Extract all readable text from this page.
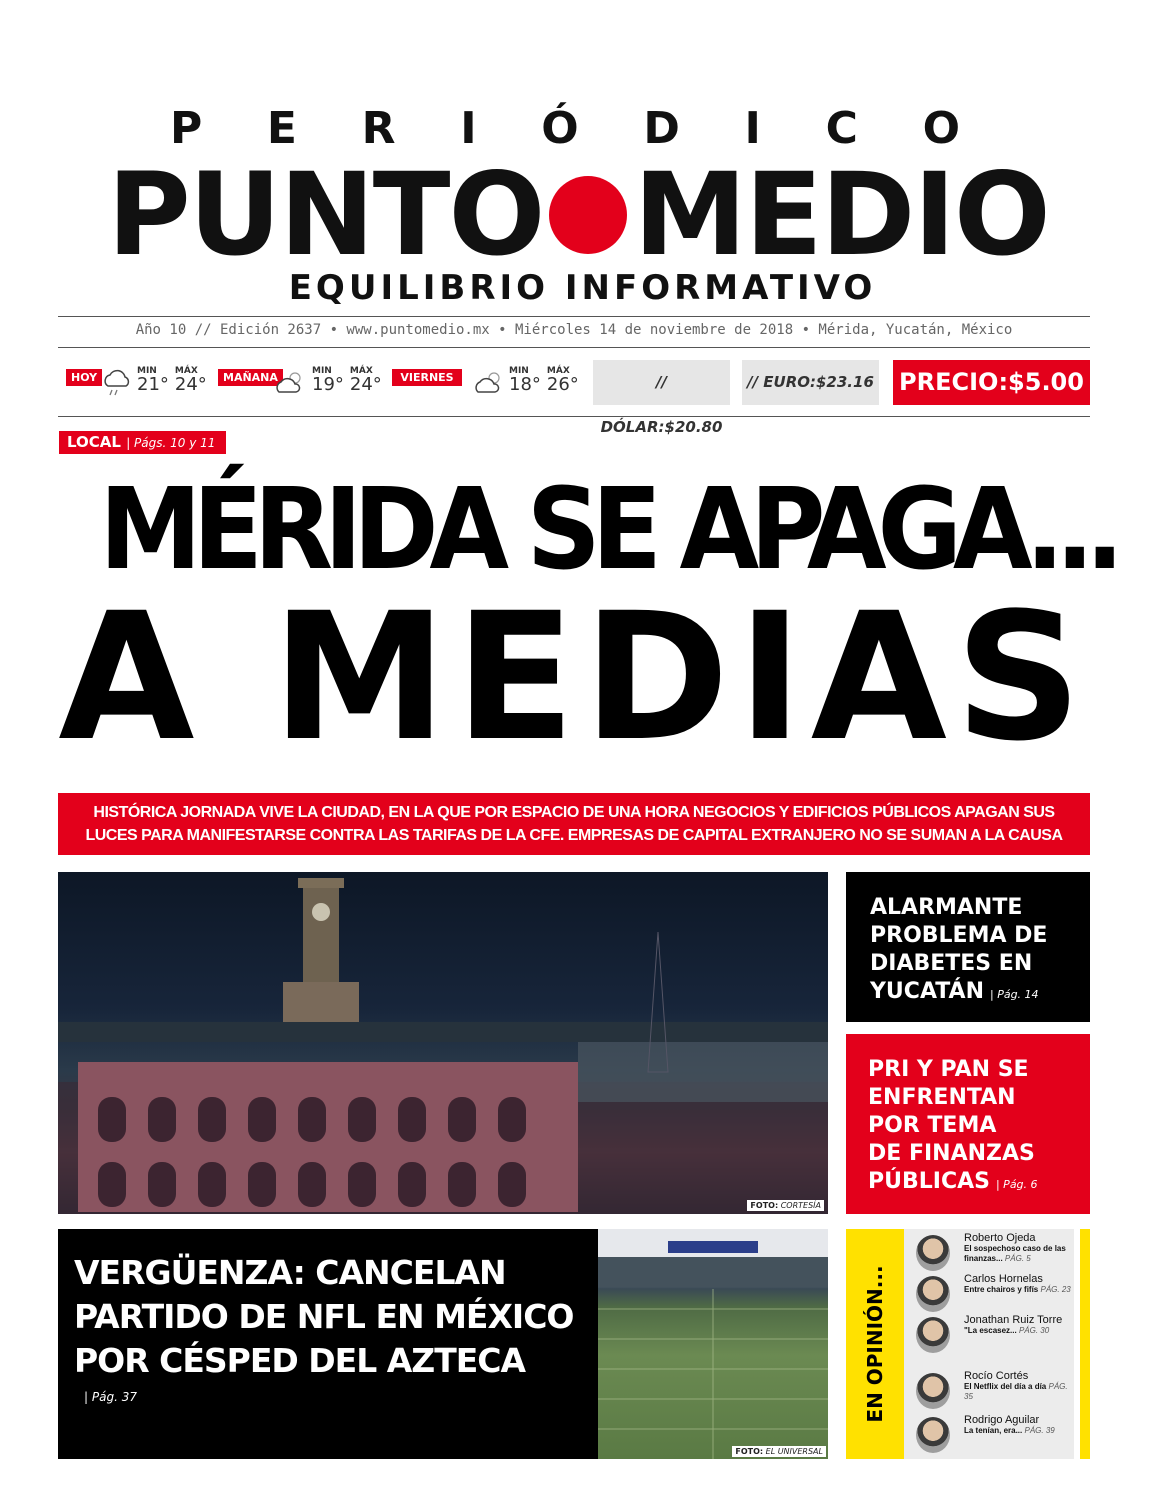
P E R I Ó D I C O
PUNTO MEDIO
EQUILIBRIO INFORMATIVO
Año 10 // Edición 2637 • www.puntomedio.mx • Miércoles 14 de noviembre de 2018 • Mérida, Yucatán, México
HOY	MIN
21°
MÁX
24°	MAÑANA	MIN
19°
MÁX
24°	VIERNES	MIN
18°
MÁX
26°	// DÓLAR:$20.80
// EURO:$23.16 PRECIO:$5.00
LOCAL | Págs. 10 y 11
MÉRIDA SE APAGA...
A MEDIAS
HISTÓRICA JORNADA VIVE LA CIUDAD, EN LA QUE POR ESPACIO DE UNA HORA NEGOCIOS Y EDIFICIOS PÚBLICOS APAGAN SUS
LUCES PARA MANIFESTARSE CONTRA LAS TARIFAS DE LA CFE. EMPRESAS DE CAPITAL EXTRANJERO NO SE SUMAN A LA CAUSA
FOTO: CORTESÍA
ALARMANTE
PROBLEMA DE
DIABETES EN
YUCATÁN | Pág. 14
PRI Y PAN SE
ENFRENTAN
POR TEMA
DE FINANZAS
PÚBLICAS | Pág. 6
VERGÜENZA: CANCELAN
PARTIDO DE NFL EN MÉXICO
POR CÉSPED DEL AZTECA
| Pág. 37
FOTO: EL UNIVERSAL
EN OPINIÓN...
Roberto Ojeda
El sospechoso caso de las finanzas... PÁG. 5
Carlos Hornelas
Entre chairos y fifís PÁG. 23
Jonathan Ruiz Torre
"La escasez... PÁG. 30
Rocío Cortés
El Netflix del día a día PÁG. 35
Rodrigo Aguilar
La tenían, era... PÁG. 39
